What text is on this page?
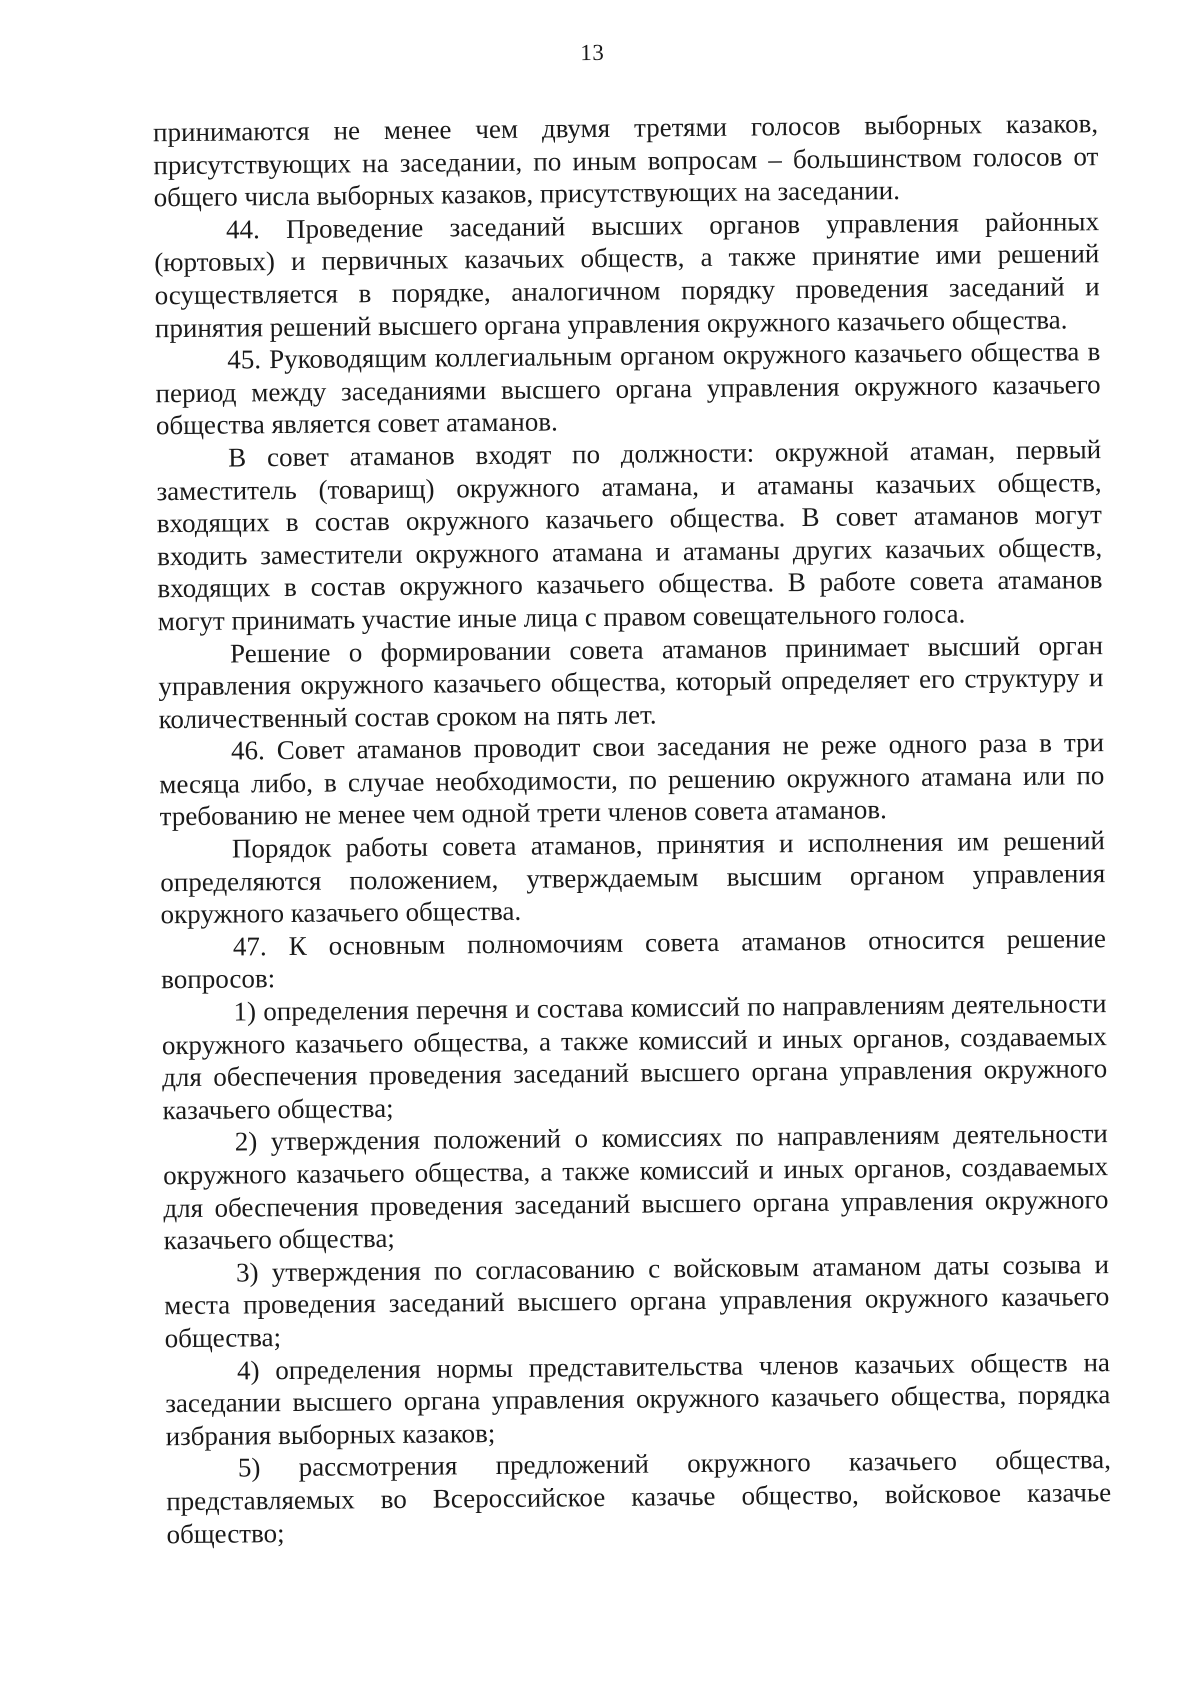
13

принимаются не менее чем двумя третями голосов выборных казаков, присутствующих на заседании, по иным вопросам – большинством голосов от общего числа выборных казаков, присутствующих на заседании.

44. Проведение заседаний высших органов управления районных (юртовых) и первичных казачьих обществ, а также принятие ими решений осуществляется в порядке, аналогичном порядку проведения заседаний и принятия решений высшего органа управления окружного казачьего общества.

45. Руководящим коллегиальным органом окружного казачьего общества в период между заседаниями высшего органа управления окружного казачьего общества является совет атаманов.

В совет атаманов входят по должности: окружной атаман, первый заместитель (товарищ) окружного атамана, и атаманы казачьих обществ, входящих в состав окружного казачьего общества. В совет атаманов могут входить заместители окружного атамана и атаманы других казачьих обществ, входящих в состав окружного казачьего общества. В работе совета атаманов могут принимать участие иные лица с правом совещательного голоса.

Решение о формировании совета атаманов принимает высший орган управления окружного казачьего общества, который определяет его структуру и количественный состав сроком на пять лет.

46. Совет атаманов проводит свои заседания не реже одного раза в три месяца либо, в случае необходимости, по решению окружного атамана или по требованию не менее чем одной трети членов совета атаманов.

Порядок работы совета атаманов, принятия и исполнения им решений определяются положением, утверждаемым высшим органом управления окружного казачьего общества.

47. К основным полномочиям совета атаманов относится решение вопросов:

1) определения перечня и состава комиссий по направлениям деятельности окружного казачьего общества, а также комиссий и иных органов, создаваемых для обеспечения проведения заседаний высшего органа управления окружного казачьего общества;

2) утверждения положений о комиссиях по направлениям деятельности окружного казачьего общества, а также комиссий и иных органов, создаваемых для обеспечения проведения заседаний высшего органа управления окружного казачьего общества;

3) утверждения по согласованию с войсковым атаманом даты созыва и места проведения заседаний высшего органа управления окружного казачьего общества;

4) определения нормы представительства членов казачьих обществ на заседании высшего органа управления окружного казачьего общества, порядка избрания выборных казаков;

5) рассмотрения предложений окружного казачьего общества, представляемых во Всероссийское казачье общество, войсковое казачье общество;
